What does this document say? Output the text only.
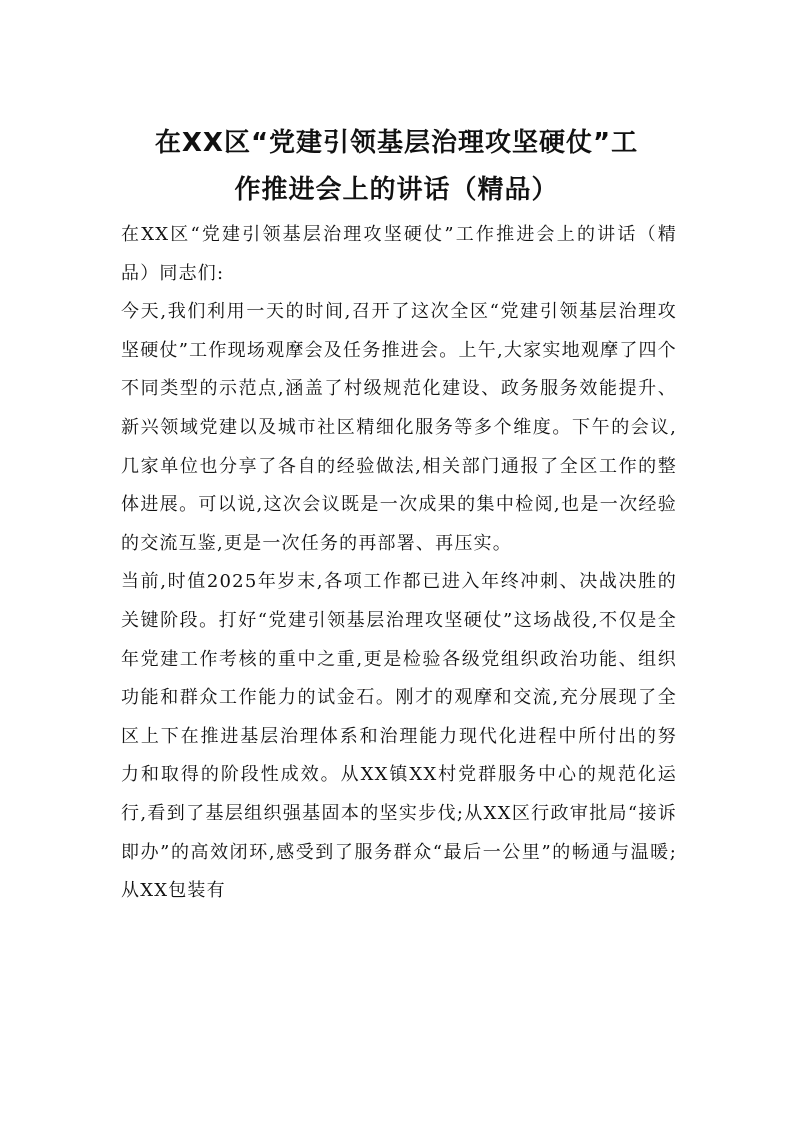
在XX区“党建引领基层治理攻坚硬仗”工
作推进会上的讲话（精品）

在XX区“党建引领基层治理攻坚硬仗”工作推进会上的讲话（精品）同志们:

今天,我们利用一天的时间,召开了这次全区“党建引领基层治理攻坚硬仗”工作现场观摩会及任务推进会。上午,大家实地观摩了四个不同类型的示范点,涵盖了村级规范化建设、政务服务效能提升、新兴领域党建以及城市社区精细化服务等多个维度。下午的会议,几家单位也分享了各自的经验做法,相关部门通报了全区工作的整体进展。可以说,这次会议既是一次成果的集中检阅,也是一次经验的交流互鉴,更是一次任务的再部署、再压实。

当前,时值2025年岁末,各项工作都已进入年终冲刺、决战决胜的关键阶段。打好“党建引领基层治理攻坚硬仗”这场战役,不仅是全年党建工作考核的重中之重,更是检验各级党组织政治功能、组织功能和群众工作能力的试金石。刚才的观摩和交流,充分展现了全区上下在推进基层治理体系和治理能力现代化进程中所付出的努力和取得的阶段性成效。从XX镇XX村党群服务中心的规范化运行,看到了基层组织强基固本的坚实步伐;从XX区行政审批局“接诉即办”的高效闭环,感受到了服务群众“最后一公里”的畅通与温暖;从XX包装有
